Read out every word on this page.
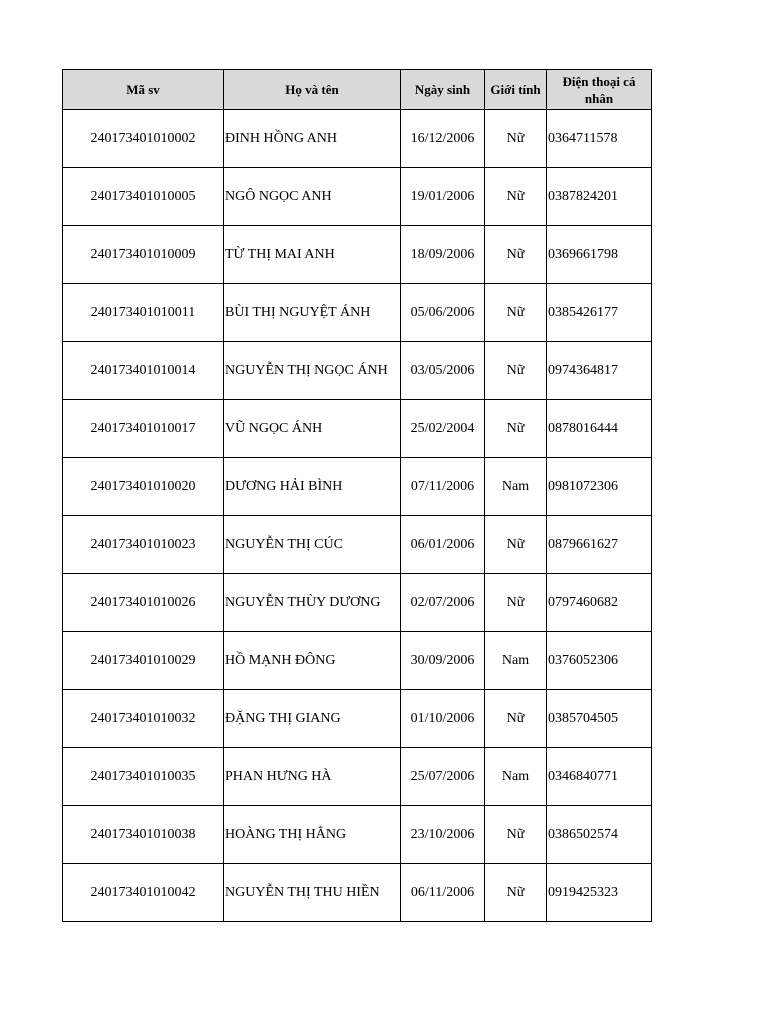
Mã sv	Họ và tên	Ngày sinh	Giới tính	Điện thoại cá nhân
240173401010002	ĐINH HỒNG ANH	16/12/2006	Nữ	0364711578
240173401010005	NGÔ NGỌC ANH	19/01/2006	Nữ	0387824201
240173401010009	TỪ THỊ MAI ANH	18/09/2006	Nữ	0369661798
240173401010011	BÙI THỊ NGUYỆT ÁNH	05/06/2006	Nữ	0385426177
240173401010014	NGUYỄN THỊ NGỌC ÁNH	03/05/2006	Nữ	0974364817
240173401010017	VŨ NGỌC ÁNH	25/02/2004	Nữ	0878016444
240173401010020	DƯƠNG HẢI BÌNH	07/11/2006	Nam	0981072306
240173401010023	NGUYỄN THỊ CÚC	06/01/2006	Nữ	0879661627
240173401010026	NGUYỄN THÙY DƯƠNG	02/07/2006	Nữ	0797460682
240173401010029	HỒ MẠNH ĐÔNG	30/09/2006	Nam	0376052306
240173401010032	ĐẶNG THỊ GIANG	01/10/2006	Nữ	0385704505
240173401010035	PHAN HƯNG HÀ	25/07/2006	Nam	0346840771
240173401010038	HOÀNG THỊ HẰNG	23/10/2006	Nữ	0386502574
240173401010042	NGUYỄN THỊ THU HIỀN	06/11/2006	Nữ	0919425323
